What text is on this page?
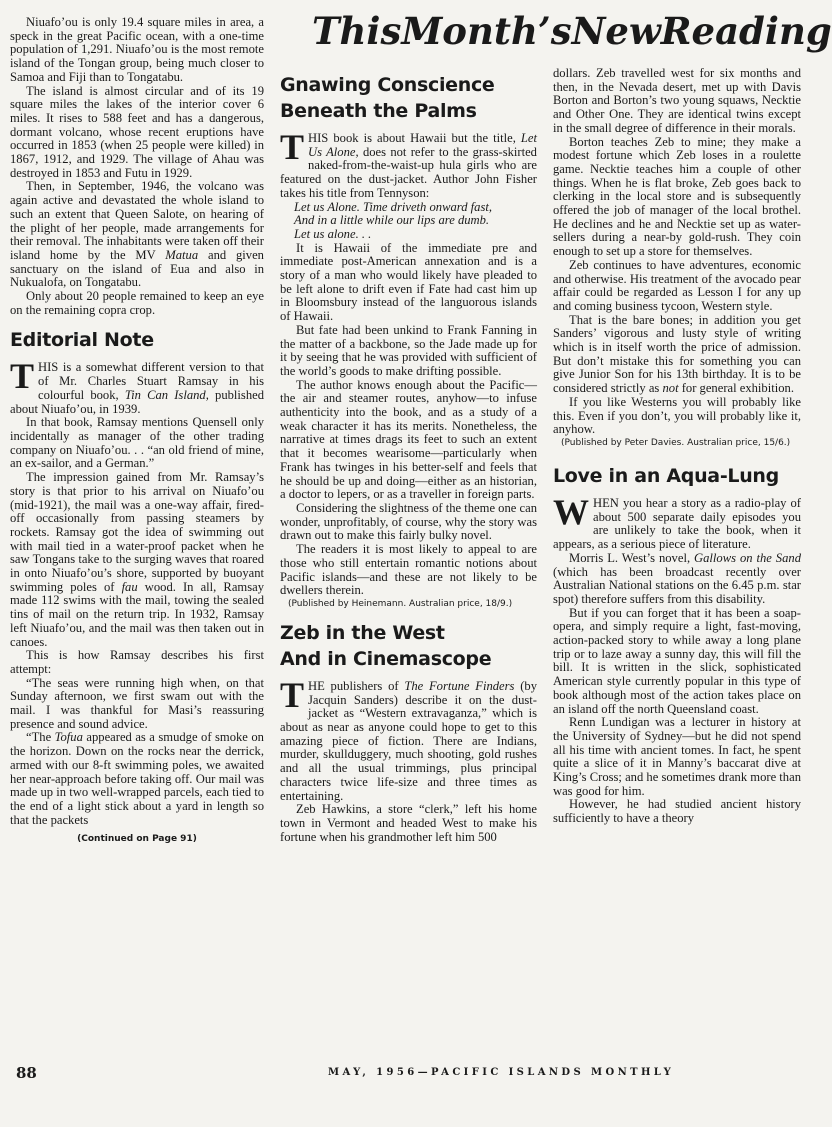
This Month’s New Reading

Niuafo’ou is only 19.4 square miles in area, a speck in the great Pacific ocean, with a one-time population of 1,291. Niuafo’ou is the most remote island of the Tongan group, being much closer to Samoa and Fiji than to Tongatabu.

The island is almost circular and of its 19 square miles the lakes of the interior cover 6 miles. It rises to 588 feet and has a dangerous, dormant volcano, whose recent eruptions have occurred in 1853 (when 25 people were killed) in 1867, 1912, and 1929. The village of Ahau was destroyed in 1853 and Futu in 1929.

Then, in September, 1946, the volcano was again active and devastated the whole island to such an extent that Queen Salote, on hearing of the plight of her people, made arrangements for their removal. The inhabitants were taken off their island home by the MV Matua and given sanctuary on the island of Eua and also in Nukualofa, on Tongatabu.

Only about 20 people remained to keep an eye on the remaining copra crop.

Editorial Note

THIS is a somewhat different version to that of Mr. Charles Stuart Ramsay in his colourful book, Tin Can Island, published about Niuafo’ou, in 1939.

In that book, Ramsay mentions Quensell only incidentally as manager of the other trading company on Niuafo’ou. . . “an old friend of mine, an ex-sailor, and a German.”

The impression gained from Mr. Ramsay’s story is that prior to his arrival on Niuafo’ou (mid-1921), the mail was a one-way affair, fired-off occasionally from passing steamers by rockets. Ramsay got the idea of swimming out with mail tied in a water-proof packet when he saw Tongans take to the surging waves that roared in onto Niuafo’ou’s shore, supported by buoyant swimming poles of fau wood. In all, Ramsay made 112 swims with the mail, towing the sealed tins of mail on the return trip. In 1932, Ramsay left Niuafo’ou, and the mail was then taken out in canoes.

This is how Ramsay describes his first attempt:

“The seas were running high when, on that Sunday afternoon, we first swam out with the mail. I was thankful for Masi’s reassuring presence and sound advice.

“The Tofua appeared as a smudge of smoke on the horizon. Down on the rocks near the derrick, armed with our 8-ft swimming poles, we awaited her near-approach before taking off. Our mail was made up in two well-wrapped parcels, each tied to the end of a light stick about a yard in length so that the packets

(Continued on Page 91)
Gnawing Conscience
Beneath the Palms

THIS book is about Hawaii but the title, Let Us Alone, does not refer to the grass-skirted naked-from-the-waist-up hula girls who are featured on the dust-jacket. Author John Fisher takes his title from Tennyson:

Let us Alone. Time driveth onward fast,

And in a little while our lips are dumb.

Let us alone. . .

It is Hawaii of the immediate pre and immediate post-American annexation and is a story of a man who would likely have pleaded to be left alone to drift even if Fate had cast him up in Bloomsbury instead of the languorous islands of Hawaii.

But fate had been unkind to Frank Fanning in the matter of a backbone, so the Jade made up for it by seeing that he was provided with sufficient of the world’s goods to make drifting possible.

The author knows enough about the Pacific—the air and steamer routes, anyhow—to infuse authenticity into the book, and as a study of a weak character it has its merits. Nonetheless, the narrative at times drags its feet to such an extent that it becomes wearisome—particularly when Frank has twinges in his better-self and feels that he should be up and doing—either as an historian, a doctor to lepers, or as a traveller in foreign parts.

Considering the slightness of the theme one can wonder, unprofitably, of course, why the story was drawn out to make this fairly bulky novel.

The readers it is most likely to appeal to are those who still entertain romantic notions about Pacific islands—and these are not likely to be dwellers therein.

(Published by Heinemann. Australian price, 18/9.)

Zeb in the West
And in Cinemascope

THE publishers of The Fortune Finders (by Jacquin Sanders) describe it on the dust-jacket as “Western extravaganza,” which is about as near as anyone could hope to get to this amazing piece of fiction. There are Indians, murder, skullduggery, much shooting, gold rushes and all the usual trimmings, plus principal characters twice life-size and three times as entertaining.

Zeb Hawkins, a store “clerk,” left his home town in Vermont and headed West to make his fortune when his grandmother left him 500

dollars. Zeb travelled west for six months and then, in the Nevada desert, met up with Davis Borton and Borton’s two young squaws, Necktie and Other One. They are identical twins except in the small degree of difference in their morals.

Borton teaches Zeb to mine; they make a modest fortune which Zeb loses in a roulette game. Necktie teaches him a couple of other things. When he is flat broke, Zeb goes back to clerking in the local store and is subsequently offered the job of manager of the local brothel. He declines and he and Necktie set up as water-sellers during a near-by gold-rush. They coin enough to set up a store for themselves.

Zeb continues to have adventures, economic and otherwise. His treatment of the avocado pear affair could be regarded as Lesson I for any up and coming business tycoon, Western style.

That is the bare bones; in addition you get Sanders’ vigorous and lusty style of writing which is in itself worth the price of admission. But don’t mistake this for something you can give Junior Son for his 13th birthday. It is to be considered strictly as not for general exhibition.

If you like Westerns you will probably like this. Even if you don’t, you will probably like it, anyhow.

(Published by Peter Davies. Australian price, 15/6.)

Love in an Aqua-Lung

WHEN you hear a story as a radio-play of about 500 separate daily episodes you are unlikely to take the book, when it appears, as a serious piece of literature.

Morris L. West’s novel, Gallows on the Sand (which has been broadcast recently over Australian National stations on the 6.45 p.m. star spot) therefore suffers from this disability.

But if you can forget that it has been a soap-opera, and simply require a light, fast-moving, action-packed story to while away a long plane trip or to laze away a sunny day, this will fill the bill. It is written in the slick, sophisticated American style currently popular in this type of book although most of the action takes place on an island off the north Queensland coast.

Renn Lundigan was a lecturer in history at the University of Sydney—but he did not spend all his time with ancient tomes. In fact, he spent quite a slice of it in Manny’s baccarat dive at King’s Cross; and he sometimes drank more than was good for him.

However, he had studied ancient history sufficiently to have a theory

88	MAY, 1956—PACIFIC ISLANDS MONTHLY
